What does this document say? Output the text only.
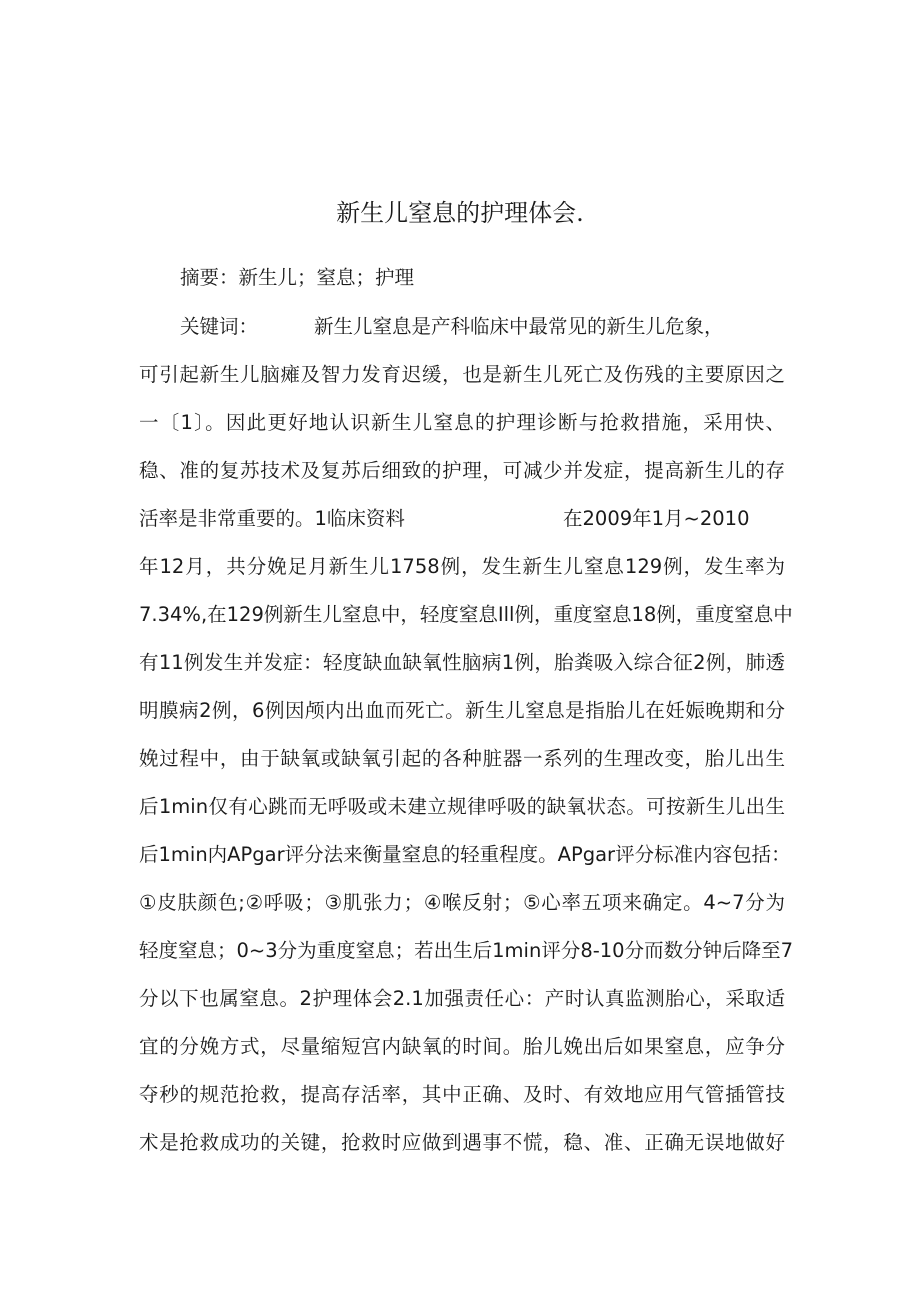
新生儿窒息的护理体会.
摘要：新生儿；窒息；护理
关键词：	新生儿窒息是产科临床中最常见的新生儿危象，
可引起新生儿脑瘫及智力发育迟缓，也是新生儿死亡及伤残的主要原因之
一〔1〕。因此更好地认识新生儿窒息的护理诊断与抢救措施，采用快、
稳、准的复苏技术及复苏后细致的护理，可减少并发症，提高新生儿的存
活率是非常重要的。1临床资料	在2009年1月~2010
年12月，共分娩足月新生儿1758例，发生新生儿窒息129例，发生率为
7.34%,在129例新生儿窒息中，轻度窒息Ill例，重度窒息18例，重度窒息中
有11例发生并发症：轻度缺血缺氧性脑病1例，胎粪吸入综合征2例，肺透
明膜病2例，6例因颅内出血而死亡。新生儿窒息是指胎儿在妊娠晚期和分
娩过程中，由于缺氧或缺氧引起的各种脏器一系列的生理改变，胎儿出生
后1min仅有心跳而无呼吸或未建立规律呼吸的缺氧状态。可按新生儿出生
后1min内APgar评分法来衡量窒息的轻重程度。APgar评分标准内容包括：
①皮肤颜色;②呼吸；③肌张力；④喉反射；⑤心率五项来确定。4~7分为
轻度窒息；0~3分为重度窒息；若出生后1min评分8-10分而数分钟后降至7
分以下也属窒息。2护理体会2.1加强责任心：产时认真监测胎心，采取适
宜的分娩方式，尽量缩短宫内缺氧的时间。胎儿娩出后如果窒息，应争分
夺秒的规范抢救，提高存活率，其中正确、及时、有效地应用气管插管技
术是抢救成功的关键，抢救时应做到遇事不慌，稳、准、正确无误地做好
